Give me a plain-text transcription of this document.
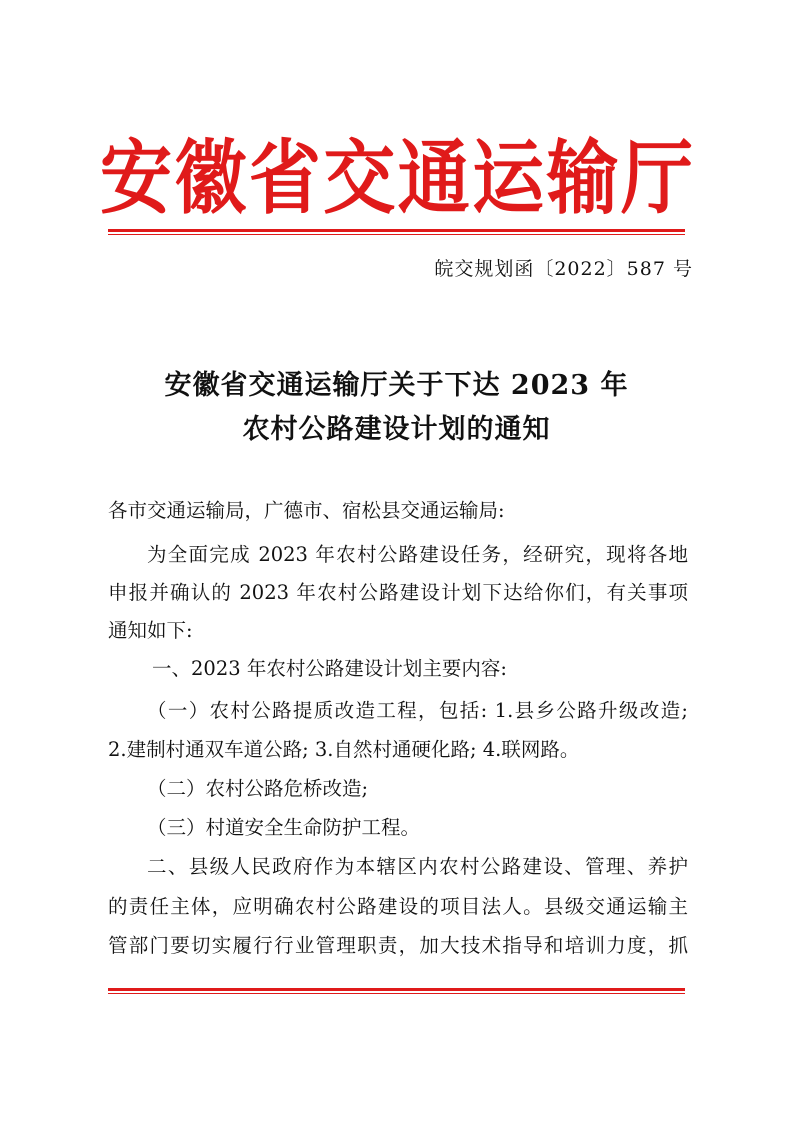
安 徽 省 交 通 运 输 厅
皖交规划函〔2022〕587 号
安徽省交通运输厅关于下达 2023 年
农村公路建设计划的通知
各市交通运输局，广德市、宿松县交通运输局:
为全面完成 2023 年农村公路建设任务，经研究，现将各地
申报并确认的 2023 年农村公路建设计划下达给你们，有关事项
通知如下:
一、2023 年农村公路建设计划主要内容:
（一）农村公路提质改造工程，包括: 1.县乡公路升级改造;
2.建制村通双车道公路; 3.自然村通硬化路; 4.联网路。
（二）农村公路危桥改造;
（三）村道安全生命防护工程。
二、县级人民政府作为本辖区内农村公路建设、管理、养护
的责任主体，应明确农村公路建设的项目法人。县级交通运输主
管部门要切实履行行业管理职责，加大技术指导和培训力度，抓
